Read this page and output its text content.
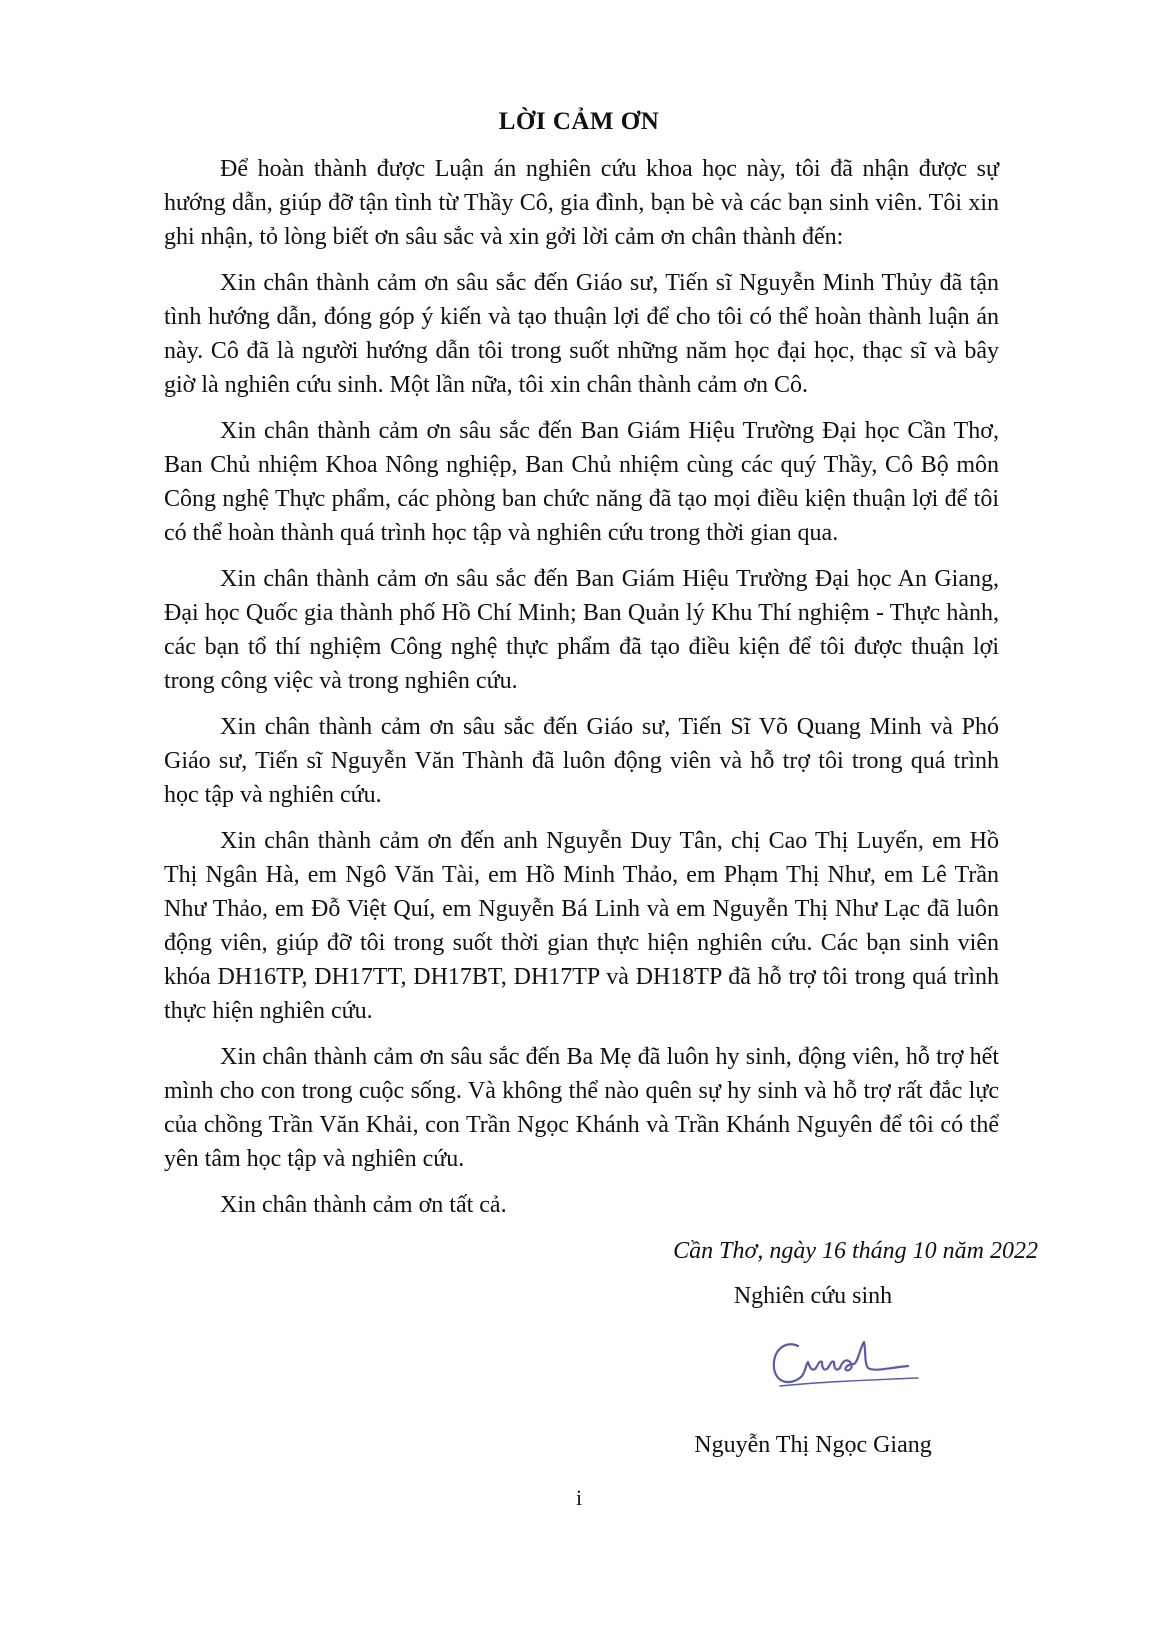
LỜI CẢM ƠN

Để hoàn thành được Luận án nghiên cứu khoa học này, tôi đã nhận được sự hướng dẫn, giúp đỡ tận tình từ Thầy Cô, gia đình, bạn bè và các bạn sinh viên. Tôi xin ghi nhận, tỏ lòng biết ơn sâu sắc và xin gởi lời cảm ơn chân thành đến:

Xin chân thành cảm ơn sâu sắc đến Giáo sư, Tiến sĩ Nguyễn Minh Thủy đã tận tình hướng dẫn, đóng góp ý kiến và tạo thuận lợi để cho tôi có thể hoàn thành luận án này. Cô đã là người hướng dẫn tôi trong suốt những năm học đại học, thạc sĩ và bây giờ là nghiên cứu sinh. Một lần nữa, tôi xin chân thành cảm ơn Cô.

Xin chân thành cảm ơn sâu sắc đến Ban Giám Hiệu Trường Đại học Cần Thơ, Ban Chủ nhiệm Khoa Nông nghiệp, Ban Chủ nhiệm cùng các quý Thầy, Cô Bộ môn Công nghệ Thực phẩm, các phòng ban chức năng đã tạo mọi điều kiện thuận lợi để tôi có thể hoàn thành quá trình học tập và nghiên cứu trong thời gian qua.

Xin chân thành cảm ơn sâu sắc đến Ban Giám Hiệu Trường Đại học An Giang, Đại học Quốc gia thành phố Hồ Chí Minh; Ban Quản lý Khu Thí nghiệm - Thực hành, các bạn tổ thí nghiệm Công nghệ thực phẩm đã tạo điều kiện để tôi được thuận lợi trong công việc và trong nghiên cứu.

Xin chân thành cảm ơn sâu sắc đến Giáo sư, Tiến Sĩ Võ Quang Minh và Phó Giáo sư, Tiến sĩ Nguyễn Văn Thành đã luôn động viên và hỗ trợ tôi trong quá trình học tập và nghiên cứu.

Xin chân thành cảm ơn đến anh Nguyễn Duy Tân, chị Cao Thị Luyến, em Hồ Thị Ngân Hà, em Ngô Văn Tài, em Hồ Minh Thảo, em Phạm Thị Như, em Lê Trần Như Thảo, em Đỗ Việt Quí, em Nguyễn Bá Linh và em Nguyễn Thị Như Lạc đã luôn động viên, giúp đỡ tôi trong suốt thời gian thực hiện nghiên cứu. Các bạn sinh viên khóa DH16TP, DH17TT, DH17BT, DH17TP và DH18TP đã hỗ trợ tôi trong quá trình thực hiện nghiên cứu.

Xin chân thành cảm ơn sâu sắc đến Ba Mẹ đã luôn hy sinh, động viên, hỗ trợ hết mình cho con trong cuộc sống. Và không thể nào quên sự hy sinh và hỗ trợ rất đắc lực của chồng Trần Văn Khải, con Trần Ngọc Khánh và Trần Khánh Nguyên để tôi có thể yên tâm học tập và nghiên cứu.

Xin chân thành cảm ơn tất cả.

Cần Thơ, ngày 16 tháng 10 năm 2022
Nghiên cứu sinh
Nguyễn Thị Ngọc Giang
i
